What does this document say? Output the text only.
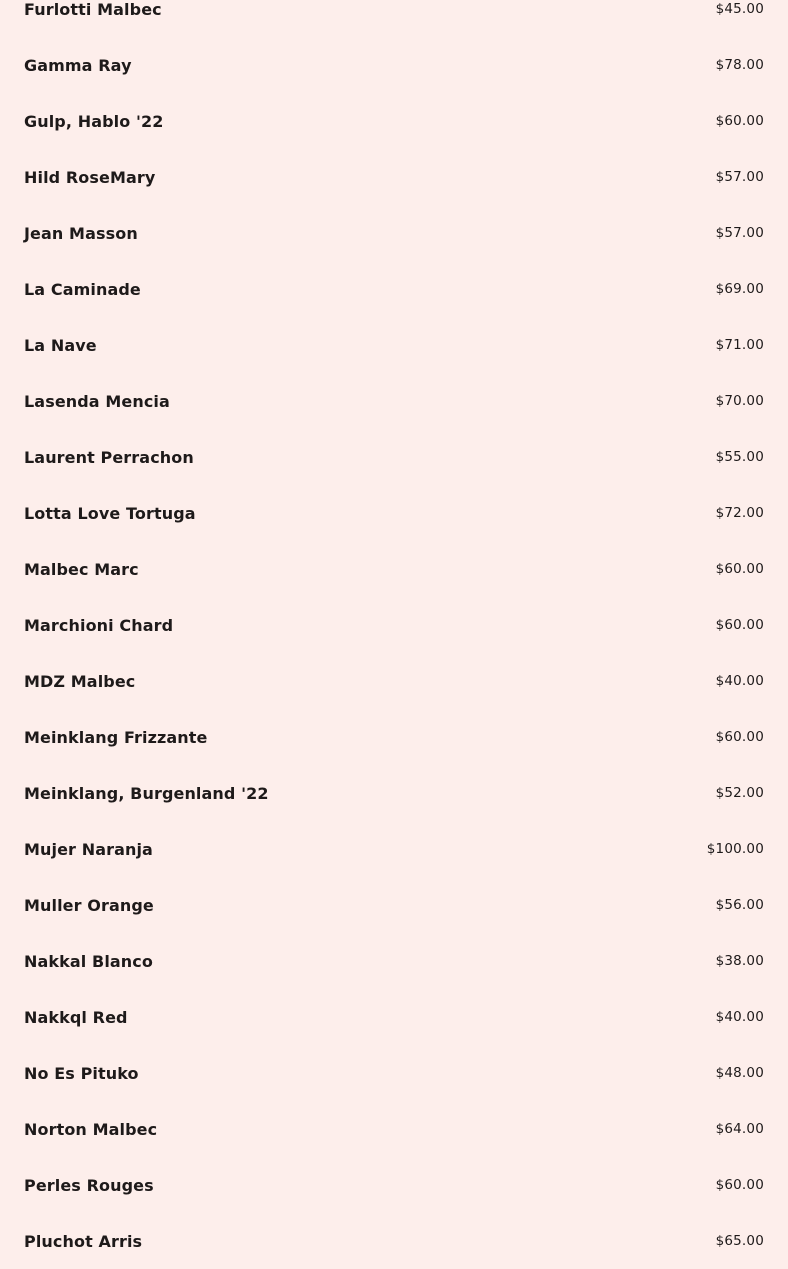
Furlotti Malbec	$45.00
Gamma Ray	$78.00
Gulp, Hablo '22	$60.00
Hild RoseMary	$57.00
Jean Masson	$57.00
La Caminade	$69.00
La Nave	$71.00
Lasenda Mencia	$70.00
Laurent Perrachon	$55.00
Lotta Love Tortuga	$72.00
Malbec Marc	$60.00
Marchioni Chard	$60.00
MDZ Malbec	$40.00
Meinklang Frizzante	$60.00
Meinklang, Burgenland '22	$52.00
Mujer Naranja	$100.00
Muller Orange	$56.00
Nakkal Blanco	$38.00
Nakkql Red	$40.00
No Es Pituko	$48.00
Norton Malbec	$64.00
Perles Rouges	$60.00
Pluchot Arris	$65.00
